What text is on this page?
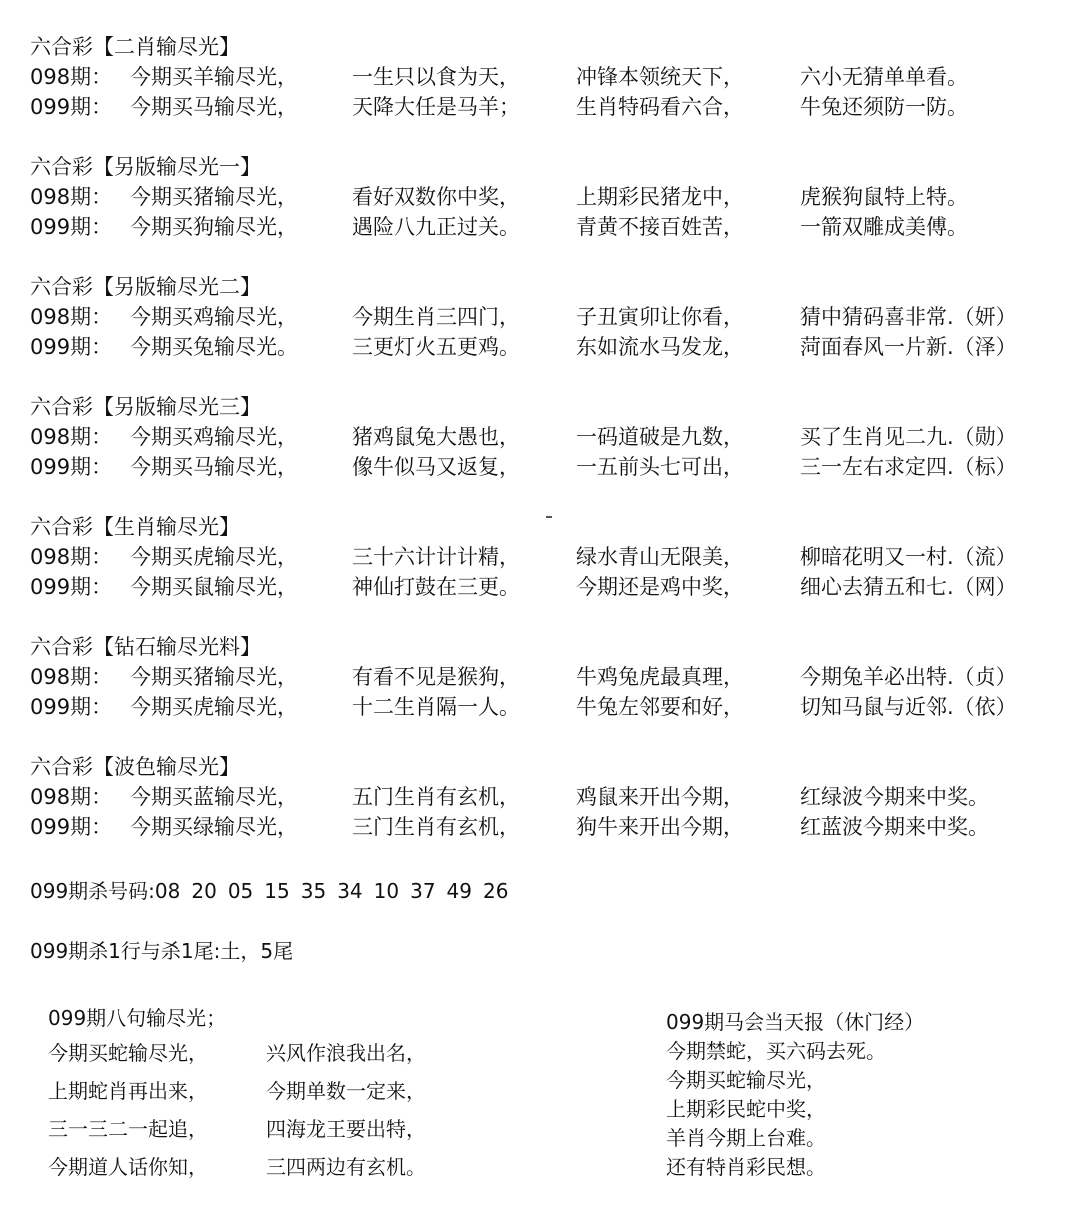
六合彩【二肖输尽光】
098期： 今期买羊输尽光，	一生只以食为天，	冲锋本领统天下，	六小无猜单单看。
099期： 今期买马输尽光，	天降大任是马羊；	生肖特码看六合，	牛兔还须防一防。
六合彩【另版输尽光一】
098期： 今期买猪输尽光，	看好双数你中奖，	上期彩民猪龙中，	虎猴狗鼠特上特。
099期： 今期买狗输尽光，	遇险八九正过关。	青黄不接百姓苦，	一箭双雕成美傅。
六合彩【另版输尽光二】
098期： 今期买鸡输尽光，	今期生肖三四门，	子丑寅卯让你看，	猜中猜码喜非常.（妍）
099期： 今期买兔输尽光。	三更灯火五更鸡。	东如流水马发龙，	菏面春风一片新.（泽）
六合彩【另版输尽光三】
098期： 今期买鸡输尽光，	猪鸡鼠兔大愚也，	一码道破是九数，	买了生肖见二九.（勋）
099期： 今期买马输尽光，	像牛似马又返复，	一五前头七可出，	三一左右求定四.（标）
六合彩【生肖输尽光】
098期： 今期买虎输尽光，	三十六计计计精，	绿水青山无限美，	柳暗花明又一村.（流）
099期： 今期买鼠输尽光，	神仙打鼓在三更。	今期还是鸡中奖，	细心去猜五和七.（网）
六合彩【钻石输尽光料】
098期： 今期买猪输尽光，	有看不见是猴狗，	牛鸡兔虎最真理，	今期兔羊必出特.（贞）
099期： 今期买虎输尽光，	十二生肖隔一人。	牛兔左邻要和好，	切知马鼠与近邻.（依）
六合彩【波色输尽光】
098期： 今期买蓝输尽光，	五门生肖有玄机，	鸡鼠来开出今期，	红绿波今期来中奖。
099期： 今期买绿输尽光，	三门生肖有玄机，	狗牛来开出今期，	红蓝波今期来中奖。
099期杀号码:08 20 05 15 35 34 10 37 49 26
099期杀1行与杀1尾:土，5尾
099期八句输尽光；
今期买蛇输尽光，	兴风作浪我出名，
上期蛇肖再出来，	今期单数一定来，
三一三二一起追，	四海龙王要出特，
今期道人话你知，	三四两边有玄机。
099期马会当天报（休门经）
今期禁蛇，买六码去死。
今期买蛇输尽光，
上期彩民蛇中奖，
羊肖今期上台难。
还有特肖彩民想。
